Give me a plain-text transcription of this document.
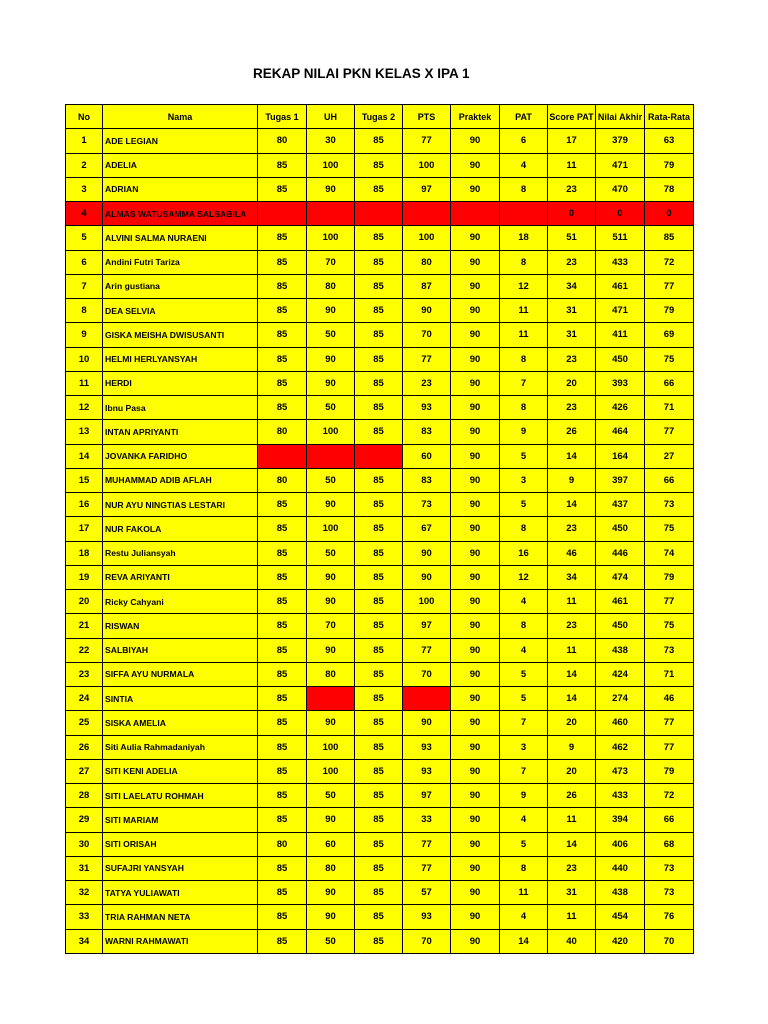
REKAP NILAI PKN KELAS X IPA 1
No	Nama	Tugas 1	UH	Tugas 2	PTS	Praktek	PAT	Score PAT	Nilai Akhir	Rata-Rata
1	ADE LEGIAN	80	30	85	77	90	6	17	379	63
2	ADELIA	85	100	85	100	90	4	11	471	79
3	ADRIAN	85	90	85	97	90	8	23	470	78
4	ALMAS WATUSAMMA SALSABILA							0	0	0
5	ALVINI SALMA NURAENI	85	100	85	100	90	18	51	511	85
6	Andini Futri Tariza	85	70	85	80	90	8	23	433	72
7	Arin gustiana	85	80	85	87	90	12	34	461	77
8	DEA SELVIA	85	90	85	90	90	11	31	471	79
9	GISKA MEISHA DWISUSANTI	85	50	85	70	90	11	31	411	69
10	HELMI HERLYANSYAH	85	90	85	77	90	8	23	450	75
11	HERDI	85	90	85	23	90	7	20	393	66
12	Ibnu Pasa	85	50	85	93	90	8	23	426	71
13	INTAN APRIYANTI	80	100	85	83	90	9	26	464	77
14	JOVANKA FARIDHO				60	90	5	14	164	27
15	MUHAMMAD ADIB AFLAH	80	50	85	83	90	3	9	397	66
16	NUR AYU NINGTIAS LESTARI	85	90	85	73	90	5	14	437	73
17	NUR FAKOLA	85	100	85	67	90	8	23	450	75
18	Restu Juliansyah	85	50	85	90	90	16	46	446	74
19	REVA ARIYANTI	85	90	85	90	90	12	34	474	79
20	Ricky Cahyani	85	90	85	100	90	4	11	461	77
21	RISWAN	85	70	85	97	90	8	23	450	75
22	SALBIYAH	85	90	85	77	90	4	11	438	73
23	SIFFA AYU NURMALA	85	80	85	70	90	5	14	424	71
24	SINTIA	85		85		90	5	14	274	46
25	SISKA AMELIA	85	90	85	90	90	7	20	460	77
26	Siti Aulia Rahmadaniyah	85	100	85	93	90	3	9	462	77
27	SITI KENI ADELIA	85	100	85	93	90	7	20	473	79
28	SITI LAELATU ROHMAH	85	50	85	97	90	9	26	433	72
29	SITI MARIAM	85	90	85	33	90	4	11	394	66
30	SITI ORISAH	80	60	85	77	90	5	14	406	68
31	SUFAJRI YANSYAH	85	80	85	77	90	8	23	440	73
32	TATYA YULIAWATI	85	90	85	57	90	11	31	438	73
33	TRIA RAHMAN NETA	85	90	85	93	90	4	11	454	76
34	WARNI RAHMAWATI	85	50	85	70	90	14	40	420	70
